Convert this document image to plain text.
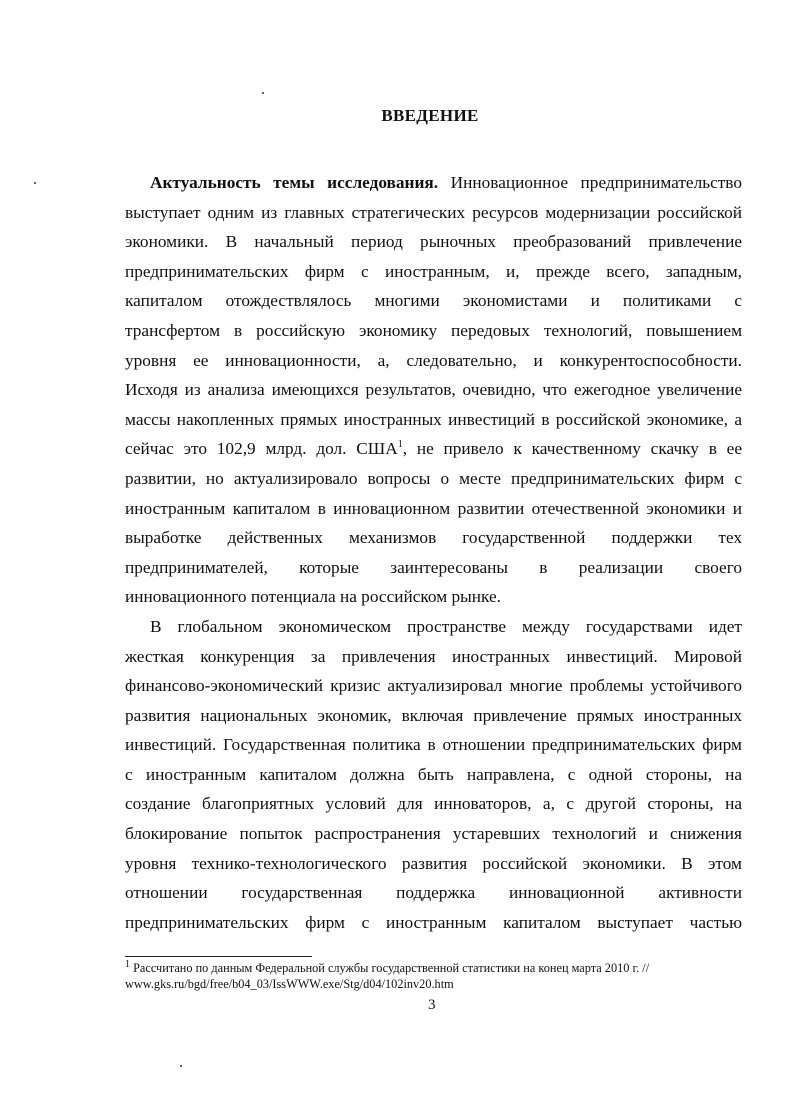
ВВЕДЕНИЕ
Актуальность темы исследования. Инновационное предпринимательство
выступает одним из главных стратегических ресурсов модернизации российской
экономики. В начальный период рыночных преобразований привлечение
предпринимательских фирм с иностранным, и, прежде всего, западным,
капиталом отождествлялось многими экономистами и политиками с
трансфертом в российскую экономику передовых технологий, повышением
уровня ее инновационности, а, следовательно, и конкурентоспособности.
Исходя из анализа имеющихся результатов, очевидно, что ежегодное увеличение
массы накопленных прямых иностранных инвестиций в российской экономике, а
сейчас это 102,9 млрд. дол. США$^1$, не привело к качественному скачку в ее
развитии, но актуализировало вопросы о месте предпринимательских фирм с
иностранным капиталом в инновационном развитии отечественной экономики и
выработке действенных механизмов государственной поддержки тех
предпринимателей, которые заинтересованы в реализации своего
инновационного потенциала на российском рынке.
В глобальном экономическом пространстве между государствами идет
жесткая конкуренция за привлечения иностранных инвестиций. Мировой
финансово-экономический кризис актуализировал многие проблемы устойчивого
развития национальных экономик, включая привлечение прямых иностранных
инвестиций. Государственная политика в отношении предпринимательских фирм
с иностранным капиталом должна быть направлена, с одной стороны, на
создание благоприятных условий для инноваторов, а, с другой стороны, на
блокирование попыток распространения устаревших технологий и снижения
уровня технико-технологического развития российской экономики. В этом
отношении государственная поддержка инновационной активности
предпринимательских фирм с иностранным капиталом выступает частью
$^1$ Рассчитано по данным Федеральной службы государственной статистики на конец марта 2010 г. //
www.gks.ru/bgd/free/b04_03/IssWWW.exe/Stg/d04/102inv20.htm
3
